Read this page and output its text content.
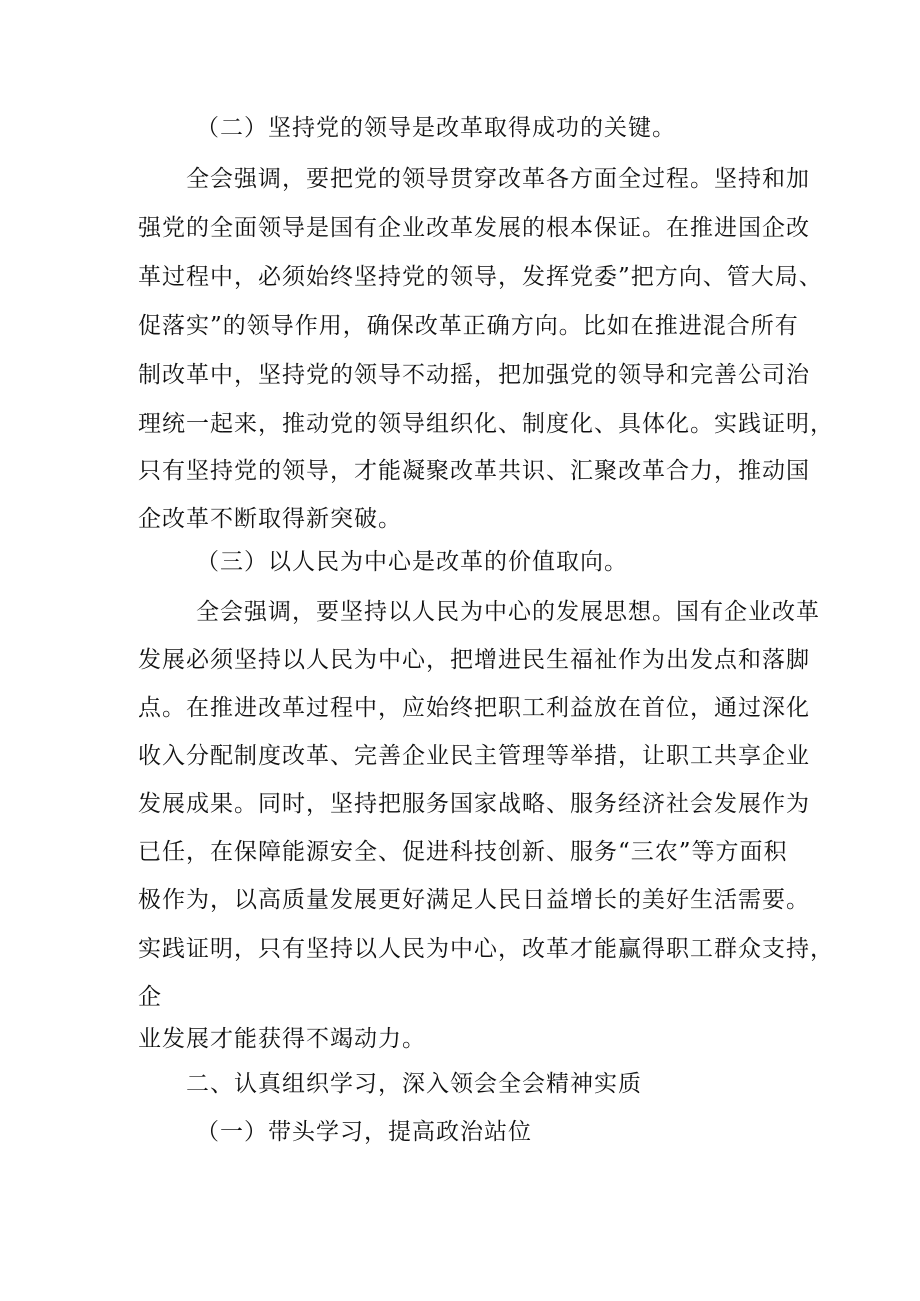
（二）坚持党的领导是改革取得成功的关键。
全会强调，要把党的领导贯穿改革各方面全过程。坚持和加
强党的全面领导是国有企业改革发展的根本保证。在推进国企改
革过程中，必须始终坚持党的领导，发挥党委”把方向、管大局、
促落实”的领导作用，确保改革正确方向。比如在推进混合所有
制改革中，坚持党的领导不动摇，把加强党的领导和完善公司治
理统一起来，推动党的领导组织化、制度化、具体化。实践证明，
只有坚持党的领导，才能凝聚改革共识、汇聚改革合力，推动国
企改革不断取得新突破。
（三）以人民为中心是改革的价值取向。
全会强调，要坚持以人民为中心的发展思想。国有企业改革
发展必须坚持以人民为中心，把增进民生福祉作为出发点和落脚
点。在推进改革过程中，应始终把职工利益放在首位，通过深化
收入分配制度改革、完善企业民主管理等举措，让职工共享企业
发展成果。同时，坚持把服务国家战略、服务经济社会发展作为
已任，在保障能源安全、促进科技创新、服务“三农”等方面积
极作为，以高质量发展更好满足人民日益增长的美好生活需要。
实践证明，只有坚持以人民为中心，改革才能赢得职工群众支持，
企
业发展才能获得不竭动力。
二、认真组织学习，深入领会全会精神实质
（一）带头学习，提高政治站位
